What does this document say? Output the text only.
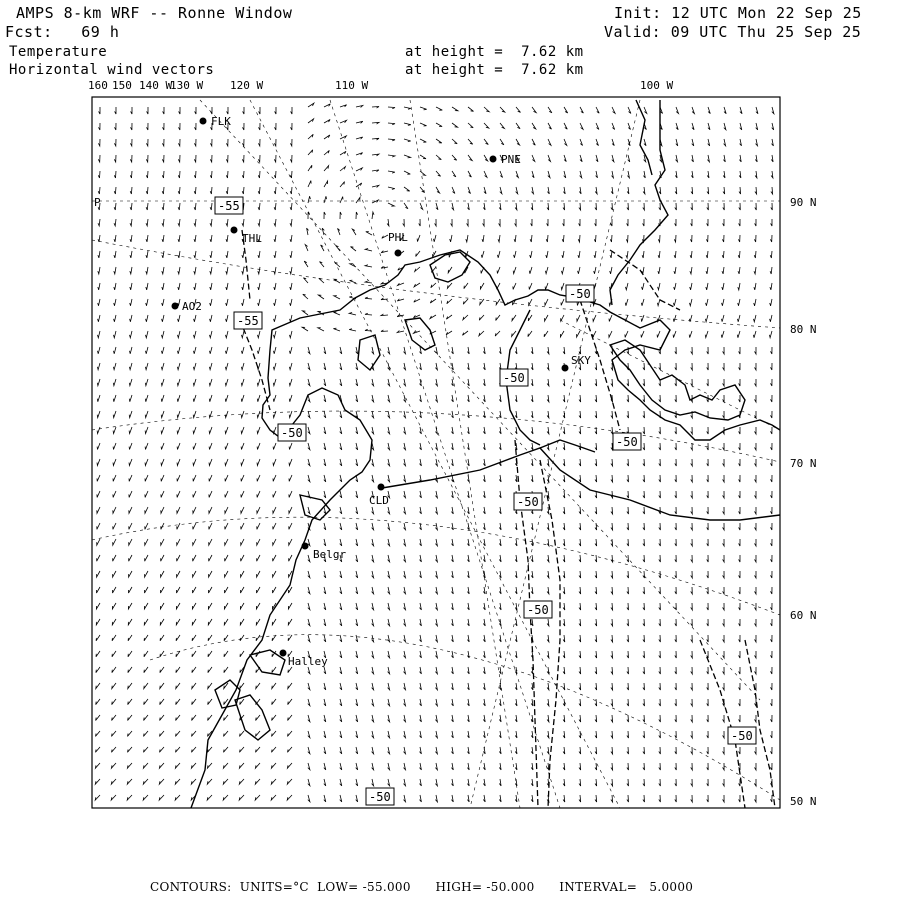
AMPS 8-km WRF -- Ronne Window
Fcst:   69 h
Init: 12 UTC Mon 22 Sep 25
Valid: 09 UTC Thu 25 Sep 25
Temperature
Horizontal wind vectors
at height =  7.62 km
at height =  7.62 km
-55
-55
-50
-50
-50
-50
-50
-50
-50
-50
FLK
PNE
THL	PHL
AO2
SKY
CLD
Belgr
Halley
P
160 150 140 W
130 W 120 W	110 W	100 W
90 N
80 N
70 N
60 N
50 N
CONTOURS:  UNITS=°C  LOW= -55.000      HIGH= -50.000      INTERVAL=   5.0000
